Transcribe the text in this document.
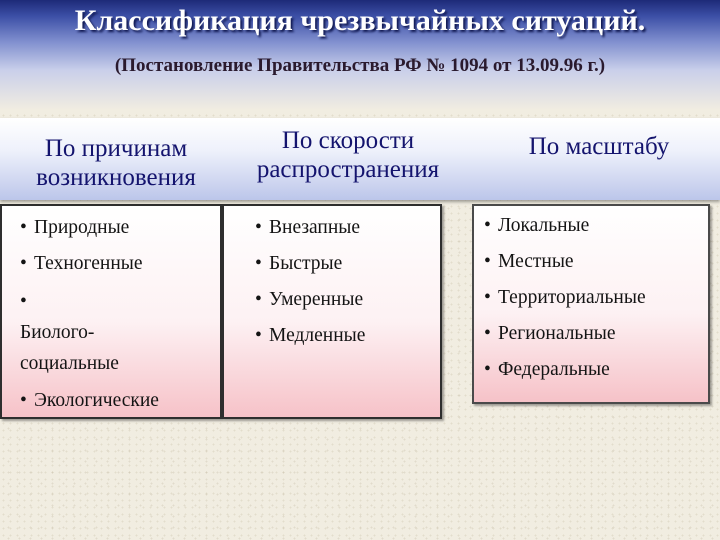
Классификация чрезвычайных ситуаций.
(Постановление Правительства РФ № 1094 от 13.09.96 г.)
По причинам
возникновения
По скорости
распространения
По масштабу
• Природные
• Техногенные
•
Биолого-
социальные
• Экологические
• Внезапные
• Быстрые
• Умеренные
• Медленные
• Локальные
• Местные
• Территориальные
• Региональные
• Федеральные
